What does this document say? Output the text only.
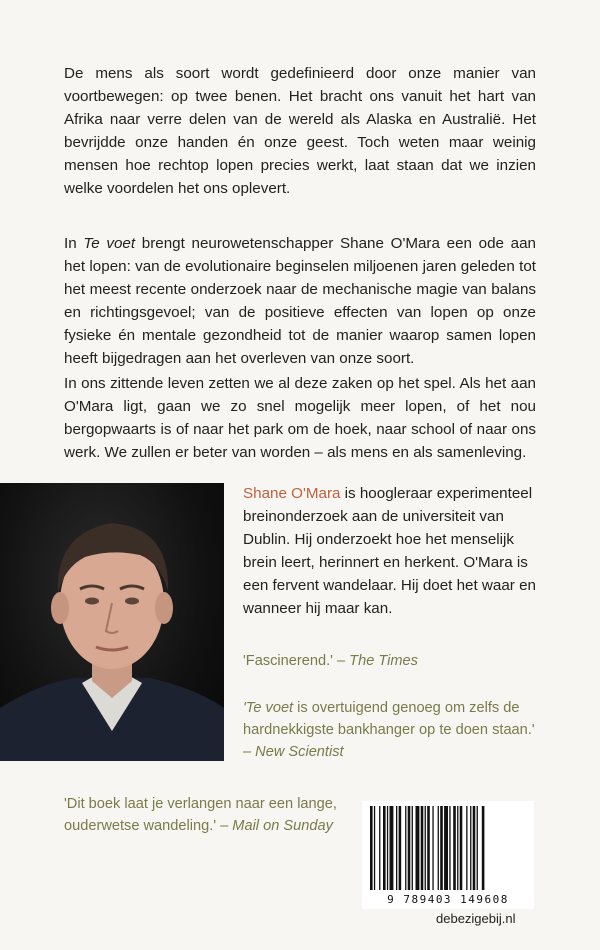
De mens als soort wordt gedefinieerd door onze manier van voortbewegen: op twee benen. Het bracht ons vanuit het hart van Afrika naar verre delen van de wereld als Alaska en Australië. Het bevrijdde onze handen én onze geest. Toch weten maar weinig mensen hoe rechtop lopen precies werkt, laat staan dat we inzien welke voordelen het ons oplevert.

In Te voet brengt neurowetenschapper Shane O'Mara een ode aan het lopen: van de evolutionaire beginselen miljoenen jaren geleden tot het meest recente onderzoek naar de mechanische magie van balans en richtingsgevoel; van de positieve effecten van lopen op onze fysieke én mentale gezondheid tot de manier waarop samen lopen heeft bijgedragen aan het overleven van onze soort.

In ons zittende leven zetten we al deze zaken op het spel. Als het aan O'Mara ligt, gaan we zo snel mogelijk meer lopen, of het nou bergopwaarts is of naar het park om de hoek, naar school of naar ons werk. We zullen er beter van worden – als mens en als samenleving.

Shane O'Mara is hoogleraar experimenteel breinonderzoek aan de universiteit van Dublin. Hij onderzoekt hoe het menselijk brein leert, herinnert en herkent. O'Mara is een fervent wandelaar. Hij doet het waar en wanneer hij maar kan.

'Fascinerend.' – The Times

'Te voet is overtuigend genoeg om zelfs de hardnekkigste bankhanger op te doen staan.'
– New Scientist

'Dit boek laat je verlangen naar een lange, ouderwetse wandeling.' – Mail on Sunday

9 789403 149608
debezigebij.nl
